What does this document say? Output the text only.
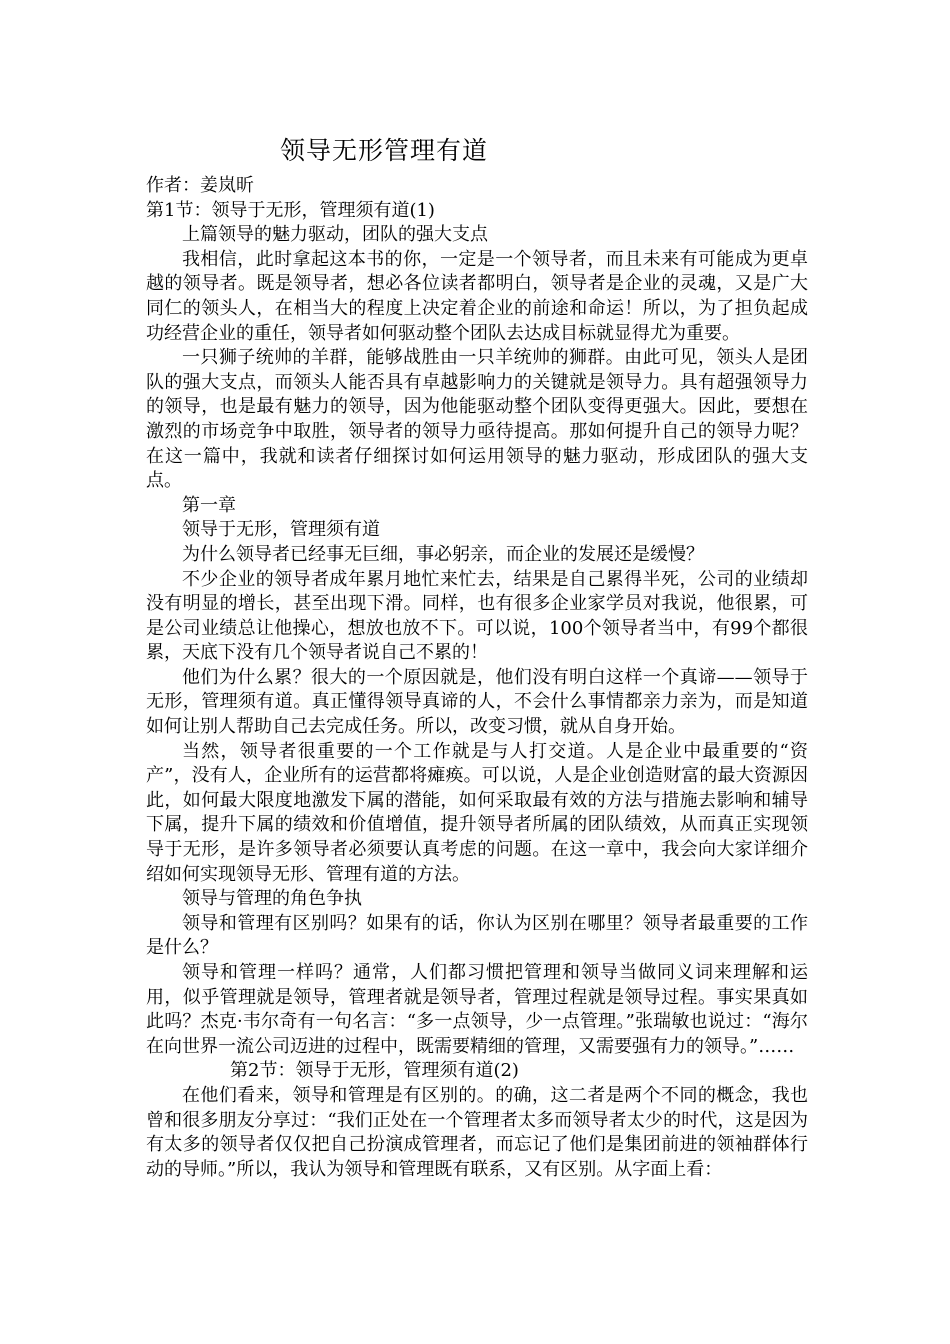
领导无形管理有道

作者：姜岚昕

第1节：领导于无形，管理须有道(1)

上篇领导的魅力驱动，团队的强大支点

我相信，此时拿起这本书的你，一定是一个领导者，而且未来有可能成为更卓越的领导者。既是领导者，想必各位读者都明白，领导者是企业的灵魂，又是广大同仁的领头人，在相当大的程度上决定着企业的前途和命运！所以，为了担负起成功经营企业的重任，领导者如何驱动整个团队去达成目标就显得尤为重要。

一只狮子统帅的羊群，能够战胜由一只羊统帅的狮群。由此可见，领头人是团队的强大支点，而领头人能否具有卓越影响力的关键就是领导力。具有超强领导力的领导，也是最有魅力的领导，因为他能驱动整个团队变得更强大。因此，要想在激烈的市场竞争中取胜，领导者的领导力亟待提高。那如何提升自己的领导力呢？在这一篇中，我就和读者仔细探讨如何运用领导的魅力驱动，形成团队的强大支点。

第一章

领导于无形，管理须有道

为什么领导者已经事无巨细，事必躬亲，而企业的发展还是缓慢？

不少企业的领导者成年累月地忙来忙去，结果是自己累得半死，公司的业绩却没有明显的增长，甚至出现下滑。同样，也有很多企业家学员对我说，他很累，可是公司业绩总让他操心，想放也放不下。可以说，100个领导者当中，有99个都很累，天底下没有几个领导者说自己不累的！

他们为什么累？很大的一个原因就是，他们没有明白这样一个真谛——领导于无形，管理须有道。真正懂得领导真谛的人，不会什么事情都亲力亲为，而是知道如何让别人帮助自己去完成任务。所以，改变习惯，就从自身开始。

当然，领导者很重要的一个工作就是与人打交道。人是企业中最重要的“资产”，没有人，企业所有的运营都将瘫痪。可以说，人是企业创造财富的最大资源因此，如何最大限度地激发下属的潜能，如何采取最有效的方法与措施去影响和辅导下属，提升下属的绩效和价值增值，提升领导者所属的团队绩效，从而真正实现领导于无形，是许多领导者必须要认真考虑的问题。在这一章中，我会向大家详细介绍如何实现领导无形、管理有道的方法。

领导与管理的角色争执

领导和管理有区别吗？如果有的话，你认为区别在哪里？领导者最重要的工作是什么？

领导和管理一样吗？通常，人们都习惯把管理和领导当做同义词来理解和运用，似乎管理就是领导，管理者就是领导者，管理过程就是领导过程。事实果真如此吗？杰克·韦尔奇有一句名言：“多一点领导，少一点管理。”张瑞敏也说过：“海尔在向世界一流公司迈进的过程中，既需要精细的管理，又需要强有力的领导。”……

第2节：领导于无形，管理须有道(2)

在他们看来，领导和管理是有区别的。的确，这二者是两个不同的概念，我也曾和很多朋友分享过：“我们正处在一个管理者太多而领导者太少的时代，这是因为有太多的领导者仅仅把自己扮演成管理者，而忘记了他们是集团前进的领袖群体行动的导师。”所以，我认为领导和管理既有联系，又有区别。从字面上看：
